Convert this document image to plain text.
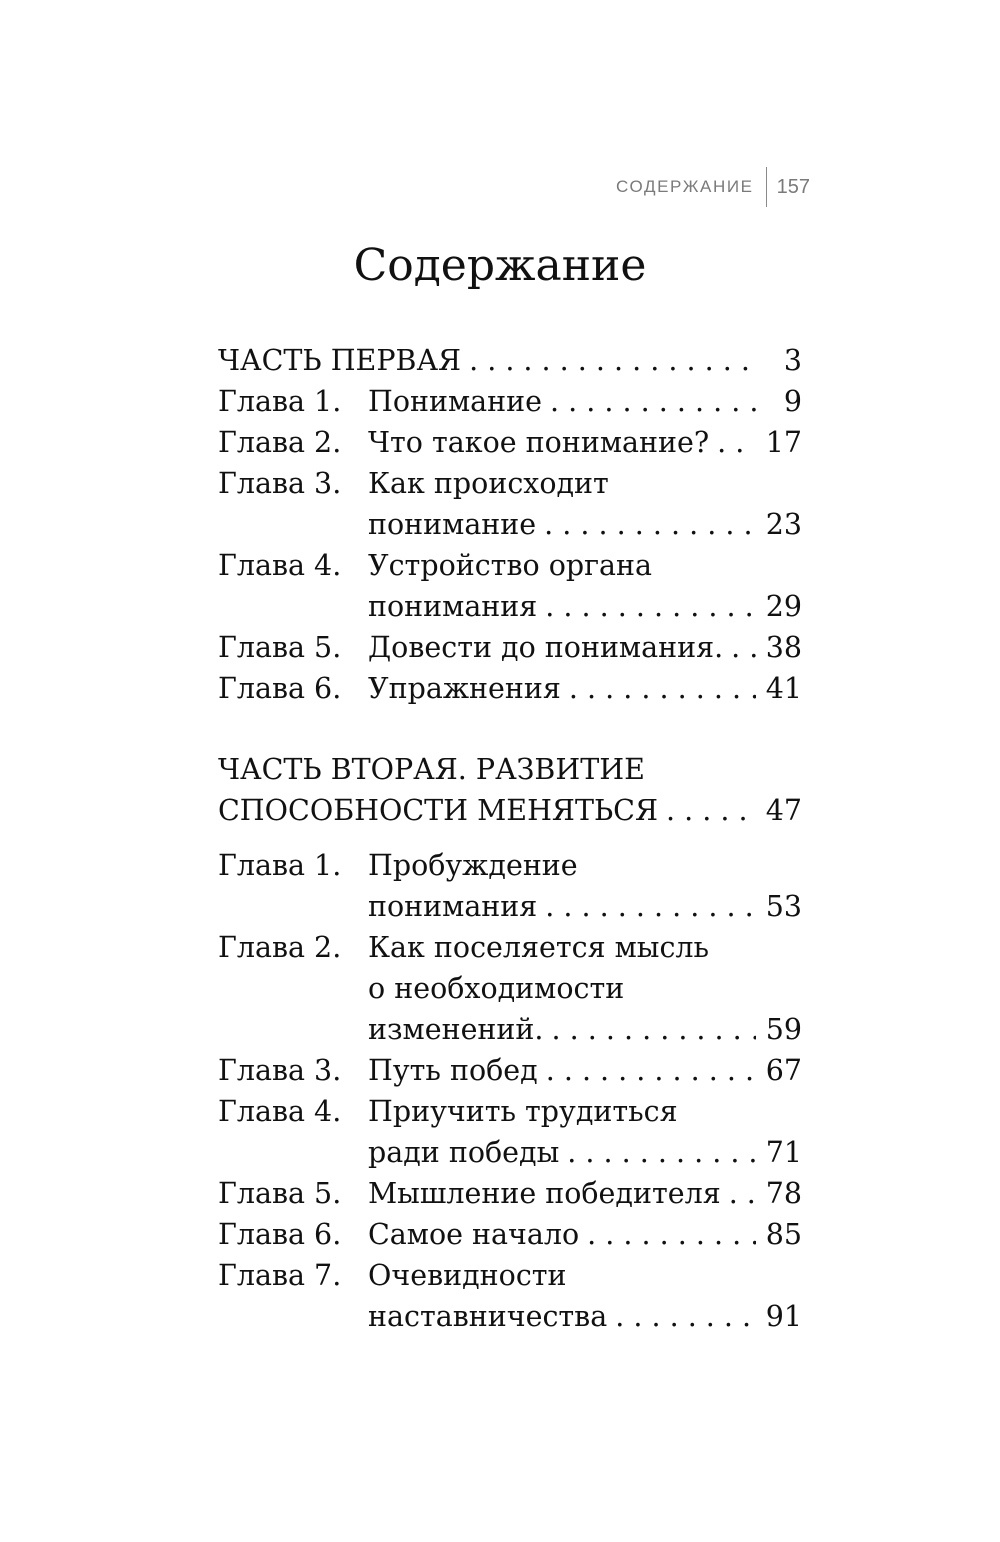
СОДЕРЖАНИЕ	157
Содержание
ЧАСТЬ ПЕРВАЯ . . .	3
Глава 1. Понимание . . .	9
Глава 2. Что такое понимание? . . .	17
Глава 3. Как происходит
понимание . . .	23
Глава 4. Устройство органа
понимания . . .	29
Глава 5. Довести до понимания. . . .	38
Глава 6. Упражнения . . .	41
ЧАСТЬ ВТОРАЯ. РАЗВИТИЕ
СПОСОБНОСТИ МЕНЯТЬСЯ . . .	47
Глава 1. Пробуждение
понимания . . .	53
Глава 2. Как поселяется мысль
о необходимости
изменений. . . .	59
Глава 3. Путь побед . . .	67
Глава 4. Приучить трудиться
ради победы . . .	71
Глава 5. Мышление победителя . . .	78
Глава 6. Самое начало . . .	85
Глава 7. Очевидности
наставничества . . .	91
